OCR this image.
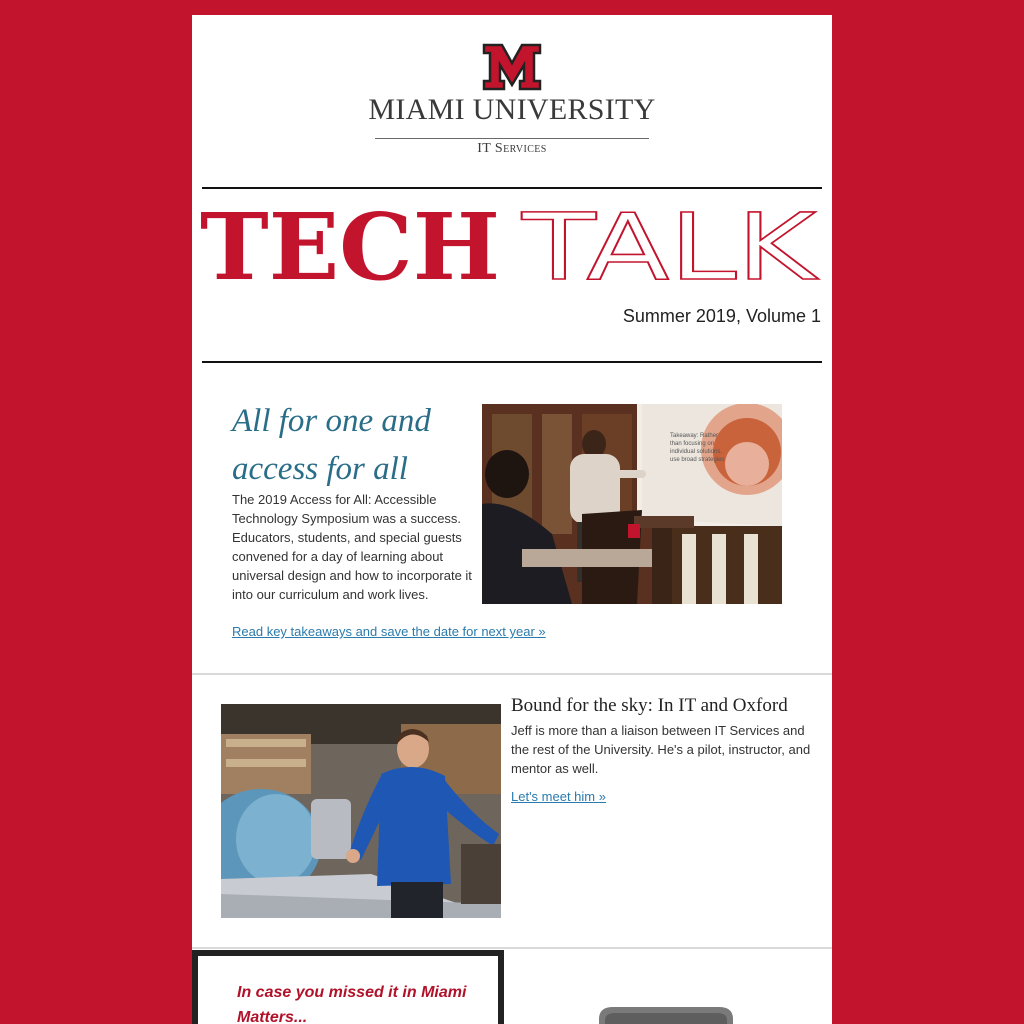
MIAMI UNIVERSITY
IT Services
TECH TALK
Summer 2019, Volume 1
All for one and access for all

The 2019 Access for All: Accessible Technology Symposium was a success. Educators, students, and special guests convened for a day of learning about universal design and how to incorporate it into our curriculum and work lives.

Read key takeaways and save the date for next year »
Takeaway: Rather than focusing on individual solutions, use broad strategies
Bound for the sky: In IT and Oxford

Jeff is more than a liaison between IT Services and the rest of the University. He's a pilot, instructor, and mentor as well.

Let's meet him »

In case you missed it in Miami Matters...
